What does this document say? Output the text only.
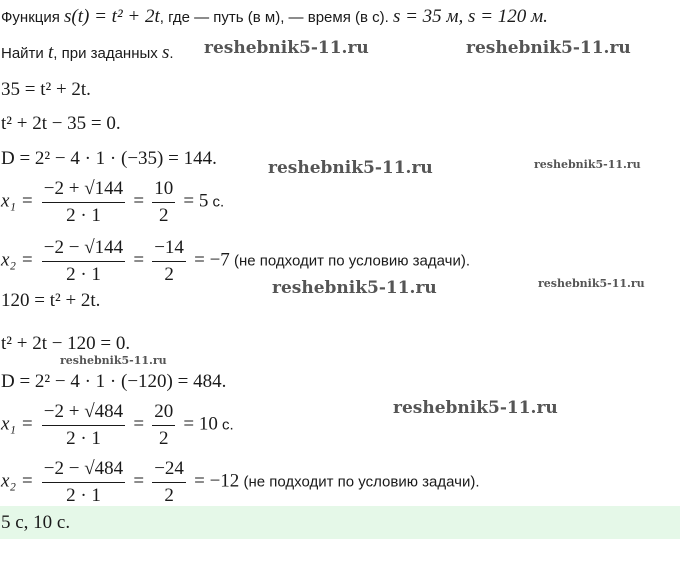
Функция s(t) = t² + 2t, где — путь (в м), — время (в с). s = 35 м, s = 120 м.
Найти t, при заданных s.
35 = t² + 2t.
t² + 2t − 35 = 0.
D = 2² − 4 · 1 · (−35) = 144.
$x_1 = \frac{-2 + √144}{2 \cdot 1} = \frac{10}{2} = 5$ с.
$x_2 = \frac{-2 - √144}{2 \cdot 1} = \frac{-14}{2} = -7$ (не подходит по условию задачи).
120 = t² + 2t.
t² + 2t − 120 = 0.
D = 2² − 4 · 1 · (−120) = 484.
$x_1 = \frac{-2 + √484}{2 \cdot 1} = \frac{20}{2} = 10$ с.
$x_2 = \frac{-2 - √484}{2 \cdot 1} = \frac{-24}{2} = -12$ (не подходит по условию задачи).
5 с, 10 с.
reshebnik5-11.ru	reshebnik5-11.ru
reshebnik5-11.ru	reshebnik5-11.ru
reshebnik5-11.ru	reshebnik5-11.ru
reshebnik5-11.ru
reshebnik5-11.ru
